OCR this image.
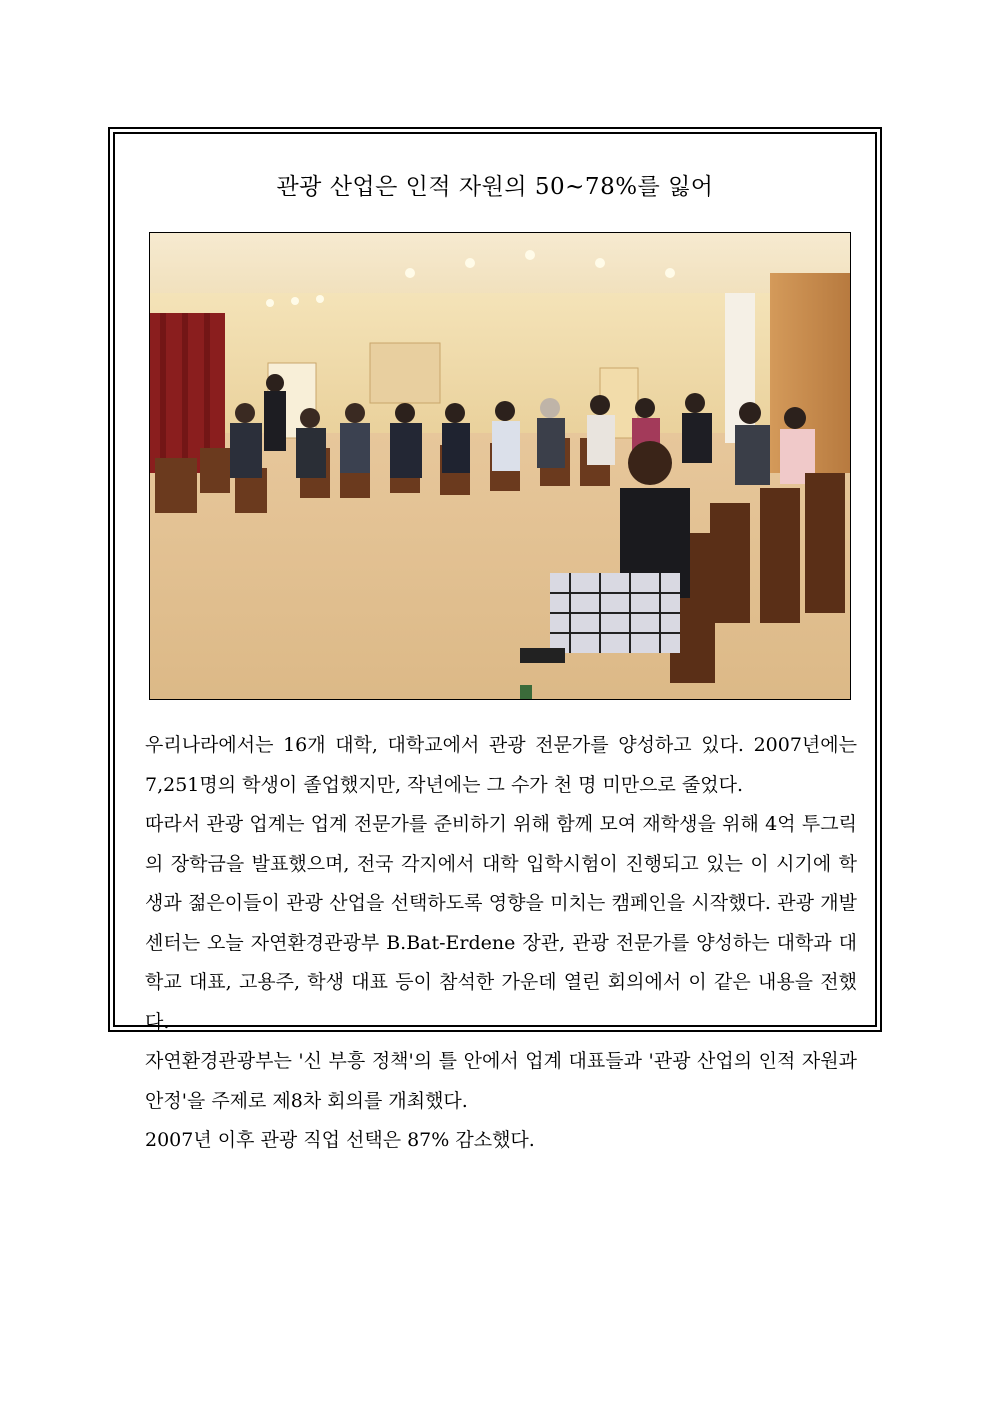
관광 산업은 인적 자원의 50~78%를 잃어

우리나라에서는 16개 대학, 대학교에서 관광 전문가를 양성하고 있다. 2007년에는 7,251명의 학생이 졸업했지만, 작년에는 그 수가 천 명 미만으로 줄었다.

따라서 관광 업계는 업계 전문가를 준비하기 위해 함께 모여 재학생을 위해 4억 투그릭의 장학금을 발표했으며, 전국 각지에서 대학 입학시험이 진행되고 있는 이 시기에 학생과 젊은이들이 관광 산업을 선택하도록 영향을 미치는 캠페인을 시작했다. 관광 개발센터는 오늘 자연환경관광부 B.Bat-Erdene 장관, 관광 전문가를 양성하는 대학과 대학교 대표, 고용주, 학생 대표 등이 참석한 가운데 열린 회의에서 이 같은 내용을 전했다.

자연환경관광부는 '신 부흥 정책'의 틀 안에서 업계 대표들과 '관광 산업의 인적 자원과 안정'을 주제로 제8차 회의를 개최했다.

2007년 이후 관광 직업 선택은 87% 감소했다.
